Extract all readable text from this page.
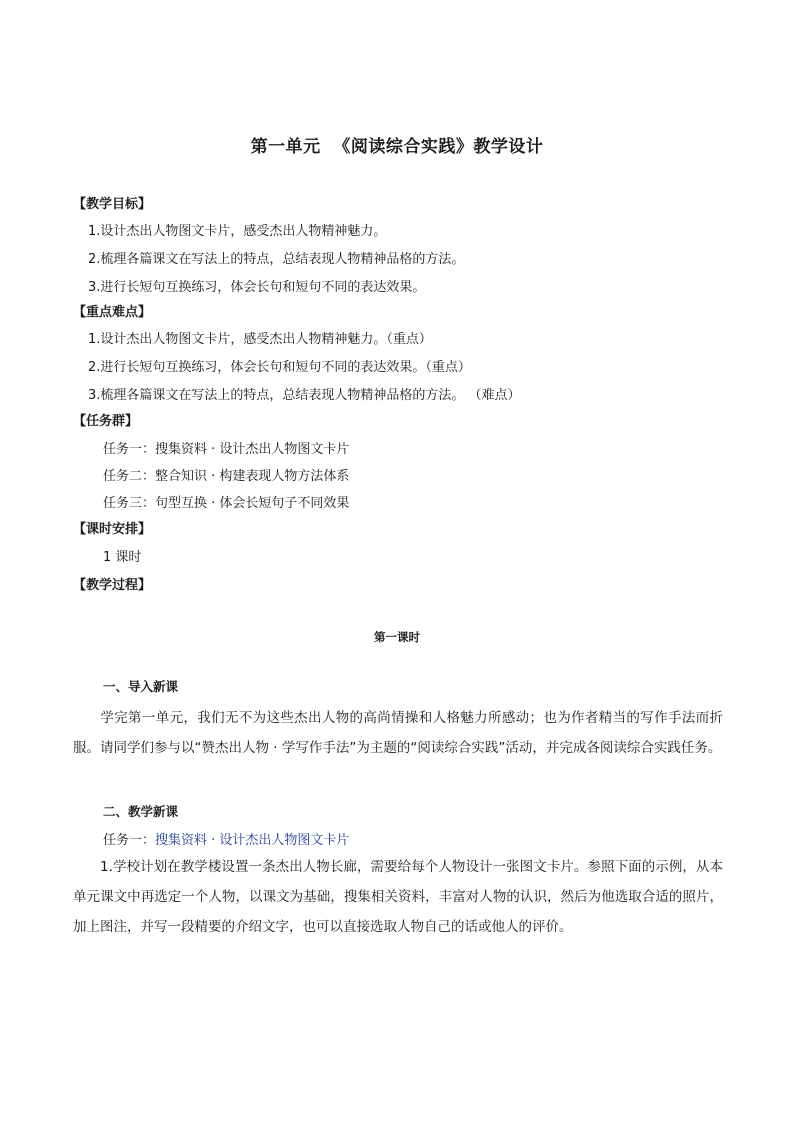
第一单元  《阅读综合实践》教学设计
【教学目标】
1.设计杰出人物图文卡片，感受杰出人物精神魅力。
2.梳理各篇课文在写法上的特点，总结表现人物精神品格的方法。
3.进行长短句互换练习，体会长句和短句不同的表达效果。
【重点难点】
1.设计杰出人物图文卡片，感受杰出人物精神魅力。（重点）
2.进行长短句互换练习，体会长句和短句不同的表达效果。（重点）
3.梳理各篇课文在写法上的特点，总结表现人物精神品格的方法。 （难点）
【任务群】
任务一：搜集资料 · 设计杰出人物图文卡片
任务二：整合知识 · 构建表现人物方法体系
任务三：句型互换 · 体会长短句子不同效果
【课时安排】
1 课时
【教学过程】
第一课时
一、导入新课
学完第一单元，我们无不为这些杰出人物的高尚情操和人格魅力所感动；也为作者精当的写作手法而折服。请同学们参与以“赞杰出人物 · 学写作手法”为主题的“阅读综合实践”活动，并完成各阅读综合实践任务。
二、教学新课
任务一：搜集资料 · 设计杰出人物图文卡片
1.学校计划在教学楼设置一条杰出人物长廊，需要给每个人物设计一张图文卡片。参照下面的示例，从本单元课文中再选定一个人物，以课文为基础，搜集相关资料，丰富对人物的认识，然后为他选取合适的照片，加上图注，并写一段精要的介绍文字，也可以直接选取人物自己的话或他人的评价。
